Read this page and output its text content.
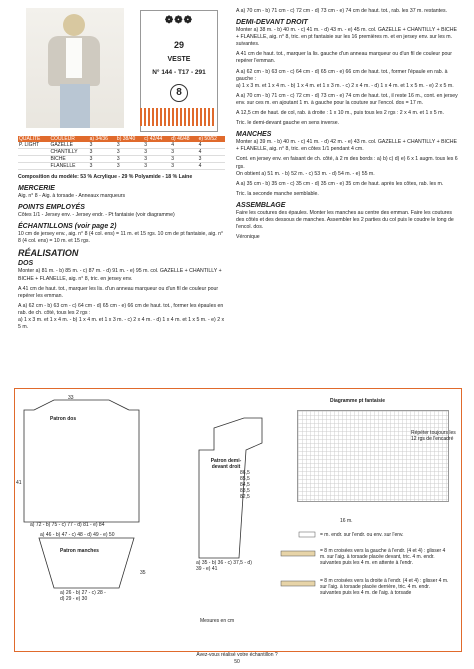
❁❁❁
29
VESTE
N° 144 - T17 - 291
8
QUALITÉ	COULEUR	a) 34/36	b) 38/40	c) 42/44	d) 46/48	e) 50/52
P. LIGHT	GAZELLE	3	3	3	4	4
	CHANTILLY	3	3	3	3	4
	BICHE	3	3	3	3	3
	FLANELLE	3	3	3	3	4
Composition du modèle: 53 % Acrylique - 29 % Polyamide - 18 % Laine
MERCERIE
Aig. n° 8 - Aig. à torsade - Anneaux marqueurs
POINTS EMPLOYÉS
Côtes 1/1 - Jersey env. - Jersey endr. - Pt fantaisie (voir diagramme)
ÉCHANTILLONS (voir page 2)
10 cm de jersey env., aig. n° 8 (4 col. ens) = 11 m. et 15 rgs. 10 cm de pt fantaisie, aig. n° 8 (4 col. ens) = 10 m. et 15 rgs.
RÉALISATION
DOS
Monter a) 81 m. - b) 85 m. - c) 87 m. - d) 91 m. - e) 95 m. col. GAZELLE + CHANTILLY + BICHE + FLANELLE, aig. n° 8, tric. en jersey env.
A 41 cm de haut. tot., marquer les lis. d'un anneau marqueur ou d'un fil de couleur pour repérer les emman.
A a) 62 cm - b) 63 cm - c) 64 cm - d) 65 cm - e) 66 cm de haut. tot., former les épaules en rab. de ch. côté, tous les 2 rgs :
a) 1 x 3 m. et 1 x 4 m. - b) 1 x 4 m. et 1 x 3 m. - c) 2 x 4 m. - d) 1 x 4 m. et 1 x 5 m. - e) 2 x 5 m.
A a) 70 cm - b) 71 cm - c) 72 cm - d) 73 cm - e) 74 cm de haut. tot., rab. les 37 m. restantes.
DEMI-DEVANT DROIT
Monter a) 38 m. - b) 40 m. - c) 41 m. - d) 43 m. - e) 45 m. col. GAZELLE + CHANTILLY + BICHE + FLANELLE, aig. n° 8, tric. en pt fantaisie sur les 16 premières m. et en jersey env. sur les m. suivantes.
A 41 cm de haut. tot., marquer la lis. gauche d'un anneau marqueur ou d'un fil de couleur pour repérer l'emman.
A a) 62 cm - b) 63 cm - c) 64 cm - d) 65 cm - e) 66 cm de haut. tot., former l'épaule en rab. à gauche :
a) 1 x 3 m. et 1 x 4 m. - b) 1 x 4 m. et 1 x 3 m. - c) 2 x 4 m. - d) 1 x 4 m. et 1 x 5 m. - e) 2 x 5 m.
A a) 70 cm - b) 71 cm - c) 72 cm - d) 73 cm - e) 74 cm de haut. tot., il reste 16 m., cont. en jersey env. sur ces m. en ajoutant 1 m. à gauche pour la couture sur l'encol. dos = 17 m.
A 12,5 cm de haut. de col, rab. à droite : 1 x 10 m., puis tous les 2 rgs : 2 x 4 m. et 1 x 5 m.
Tric. le demi-devant gauche en sens inverse.
MANCHES
Monter a) 39 m. - b) 40 m. - c) 41 m. - d) 42 m. - e) 43 m. col. GAZELLE + CHANTILLY + BICHE + FLANELLE, aig. n° 8, tric. en côtes 1/1 pendant 4 cm.
Cont. en jersey env. en faisant de ch. côté, à 2 m des bords : a) b) c) d) e) 6 x 1 augm. tous les 6 rgs.
On obtient a) 51 m. - b) 52 m. - c) 53 m. - d) 54 m. - e) 55 m.
A a) 35 cm - b) 35 cm - c) 35 cm - d) 35 cm - e) 35 cm de haut. après les côtes, rab. les m.
Tric. la seconde manche semblable.
ASSEMBLAGE
Faire les coutures des épaules. Monter les manches au centre des emman. Faire les coutures des côtés et des dessous de manches. Assembler les 2 parties du col puis le coudre le long de l'encol. dos.
Véronique
Patron dos
33
41
a) 72 - b) 75 - c) 77 - d) 81 - e) 84
Patron demi-devant droit
86,5
85,5
84,5
83,5
82,5
a) 35 - b) 36 - c) 37,5 - d) 39 - e) 41
Patron manches
a) 46 - b) 47 - c) 48 - d) 49 - e) 50
a) 26 - b) 27 - c) 28 - d) 29 - e) 30
35
Mesures en cm
Diagramme pt fantaisie
Répéter toujours les 12 rgs de l'encadré
16 m.
= m. endr. sur l'endr. ou env. sur l'env.
= 8 m croisées vers la gauche à l'endr. (4 et 4) : glisser 4 m. sur l'aig. à torsade placée devant, tric. 4 m. endr. suivantes puis les 4 m. en attente à l'endr.
= 8 m croisées vers la droite à l'endr. (4 et 4) : glisser 4 m. sur l'aig. à torsade placée derrière, tric. 4 m. endr. suivantes puis les 4 m. de l'aig. à torsade
Avez-vous réalisé votre échantillon ?
50
